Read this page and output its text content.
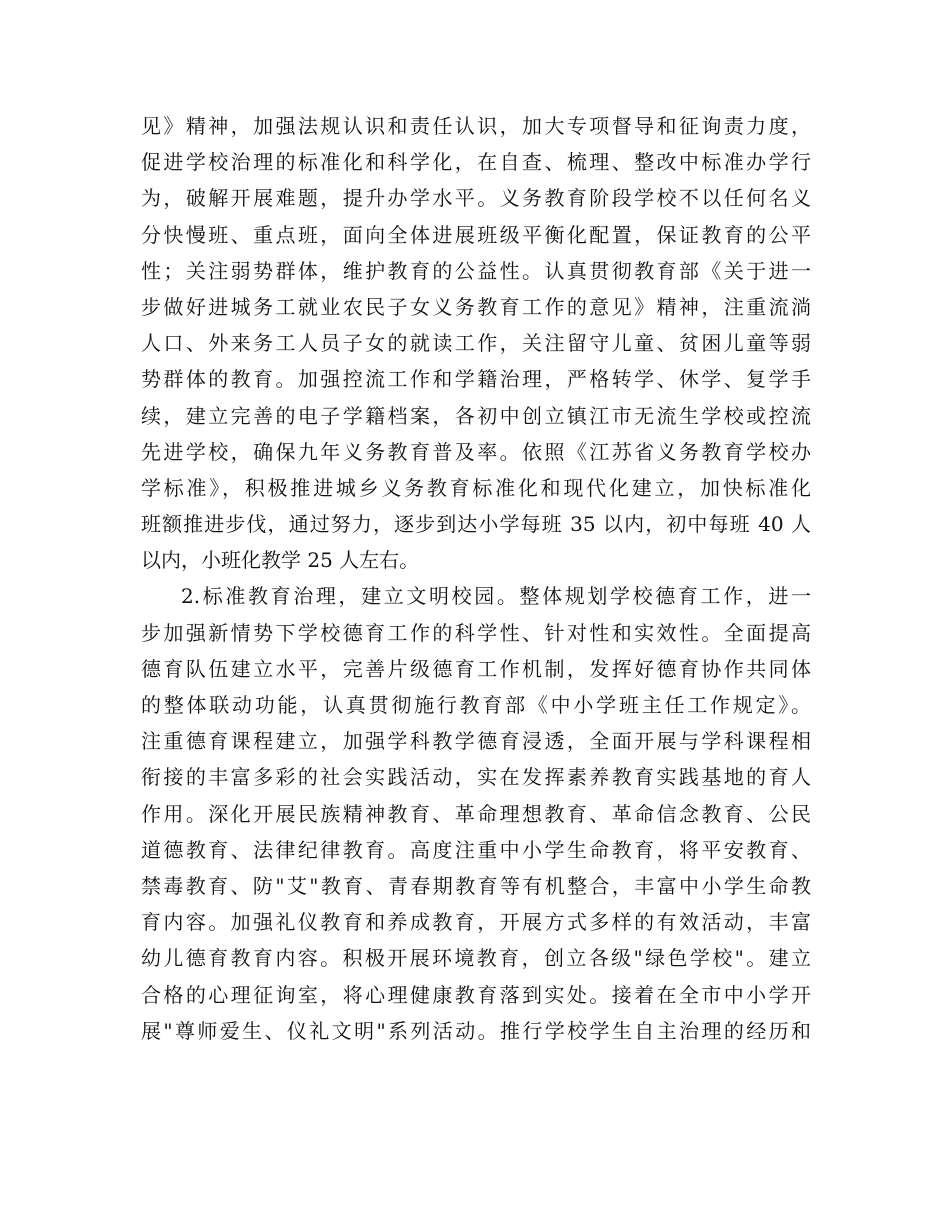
见》精神，加强法规认识和责任认识，加大专项督导和征询责力度，
促进学校治理的标准化和科学化，在自查、梳理、整改中标准办学行
为，破解开展难题，提升办学水平。义务教育阶段学校不以任何名义
分快慢班、重点班，面向全体进展班级平衡化配置，保证教育的公平
性；关注弱势群体，维护教育的公益性。认真贯彻教育部《关于进一
步做好进城务工就业农民子女义务教育工作的意见》精神，注重流淌
人口、外来务工人员子女的就读工作，关注留守儿童、贫困儿童等弱
势群体的教育。加强控流工作和学籍治理，严格转学、休学、复学手
续，建立完善的电子学籍档案，各初中创立镇江市无流生学校或控流
先进学校，确保九年义务教育普及率。依照《江苏省义务教育学校办
学标准》，积极推进城乡义务教育标准化和现代化建立，加快标准化
班额推进步伐，通过努力，逐步到达小学每班 35 以内，初中每班 40 人
以内，小班化教学 25 人左右。
2.标准教育治理，建立文明校园。整体规划学校德育工作，进一
步加强新情势下学校德育工作的科学性、针对性和实效性。全面提高
德育队伍建立水平，完善片级德育工作机制，发挥好德育协作共同体
的整体联动功能，认真贯彻施行教育部《中小学班主任工作规定》。
注重德育课程建立，加强学科教学德育浸透，全面开展与学科课程相
衔接的丰富多彩的社会实践活动，实在发挥素养教育实践基地的育人
作用。深化开展民族精神教育、革命理想教育、革命信念教育、公民
道德教育、法律纪律教育。高度注重中小学生命教育，将平安教育、
禁毒教育、防"艾"教育、青春期教育等有机整合，丰富中小学生命教
育内容。加强礼仪教育和养成教育，开展方式多样的有效活动，丰富
幼儿德育教育内容。积极开展环境教育，创立各级"绿色学校"。建立
合格的心理征询室，将心理健康教育落到实处。接着在全市中小学开
展"尊师爱生、仪礼文明"系列活动。推行学校学生自主治理的经历和
